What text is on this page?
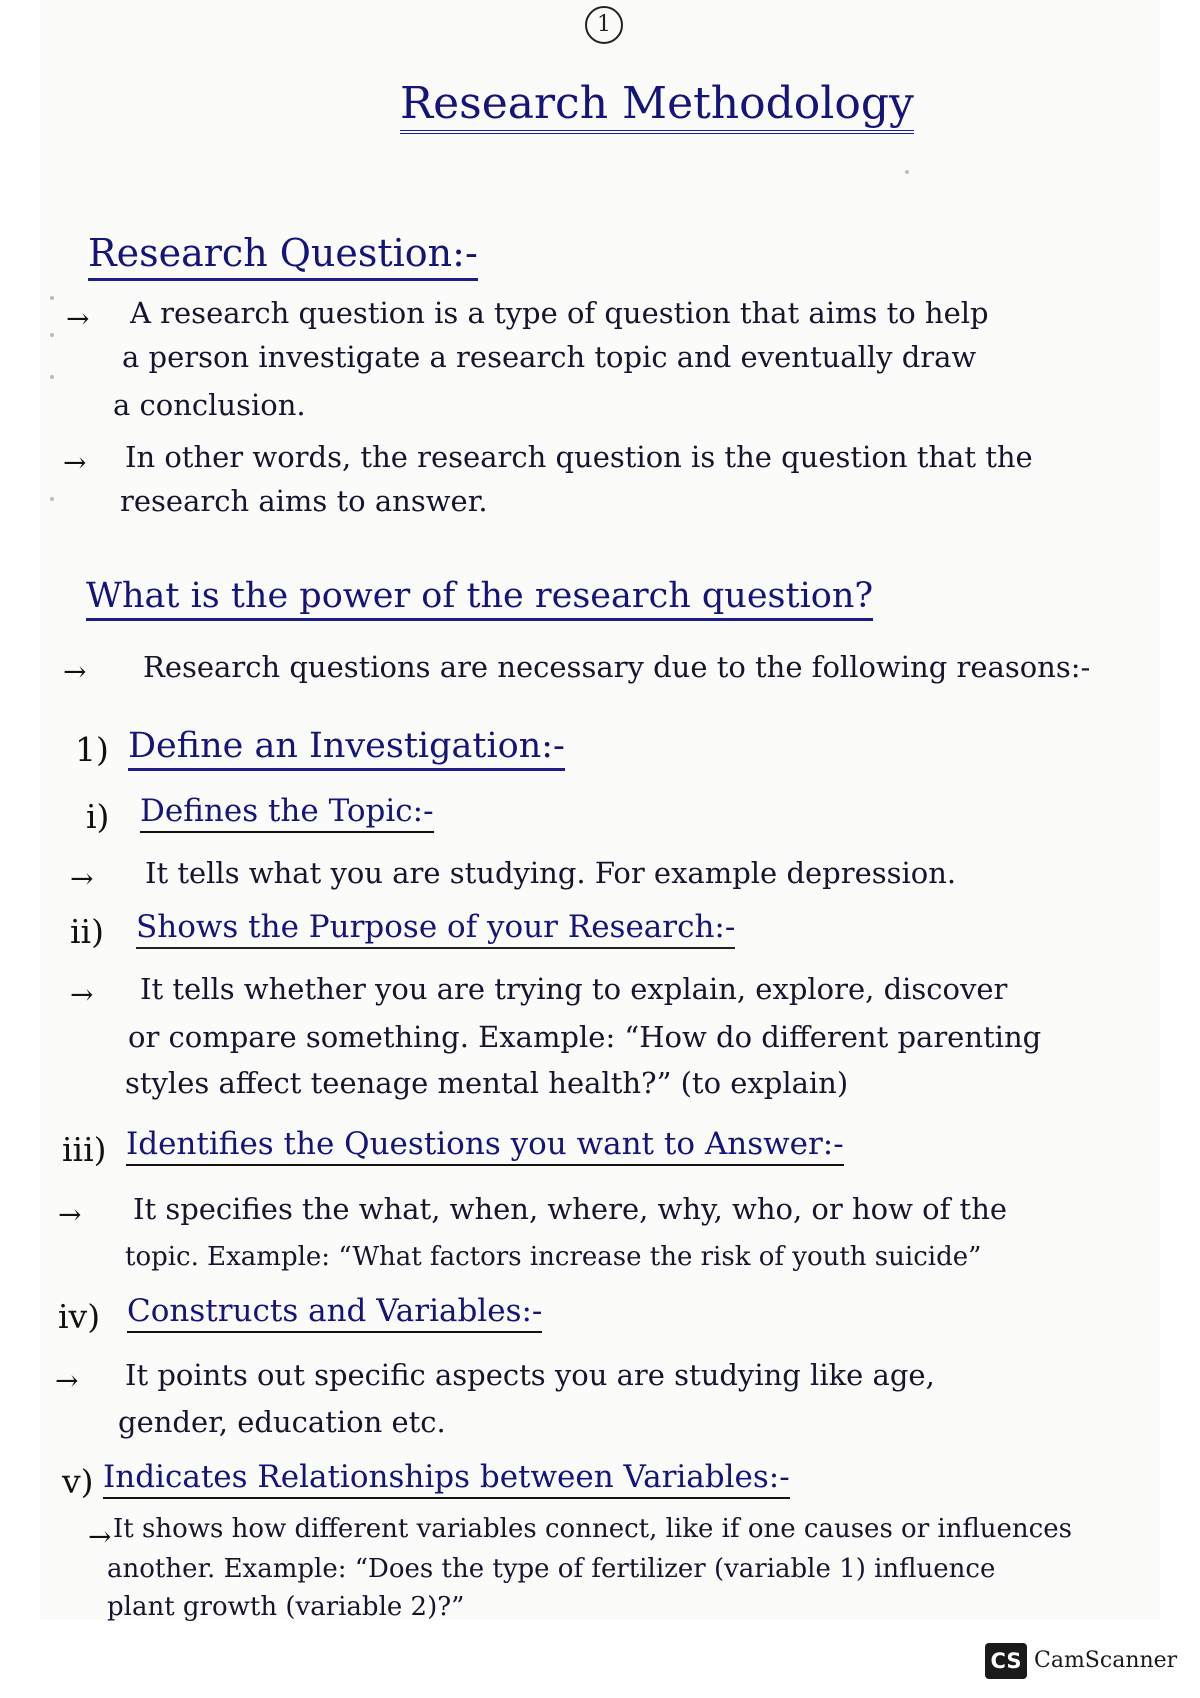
1
Research Methodology
Research Question:-
→ A research question is a type of question that aims to help
a person investigate a research topic and eventually draw
a conclusion.
→ In other words, the research question is the question that the
research aims to answer.
What is the power of the research question?
→ Research questions are necessary due to the following reasons:-
1) Define an Investigation:-
i) Defines the Topic:-
→ It tells what you are studying. For example depression.
ii) Shows the Purpose of your Research:-
→ It tells whether you are trying to explain, explore, discover
or compare something. Example: “How do different parenting
styles affect teenage mental health?” (to explain)
iii) Identifies the Questions you want to Answer:-
→ It specifies the what, when, where, why, who, or how of the
topic. Example: “What factors increase the risk of youth suicide”
iv) Constructs and Variables:-
→ It points out specific aspects you are studying like age,
gender, education etc.
v) Indicates Relationships between Variables:-
→ It shows how different variables connect, like if one causes or influences
another. Example: “Does the type of fertilizer (variable 1) influence
plant growth (variable 2)?”
CS CamScanner
